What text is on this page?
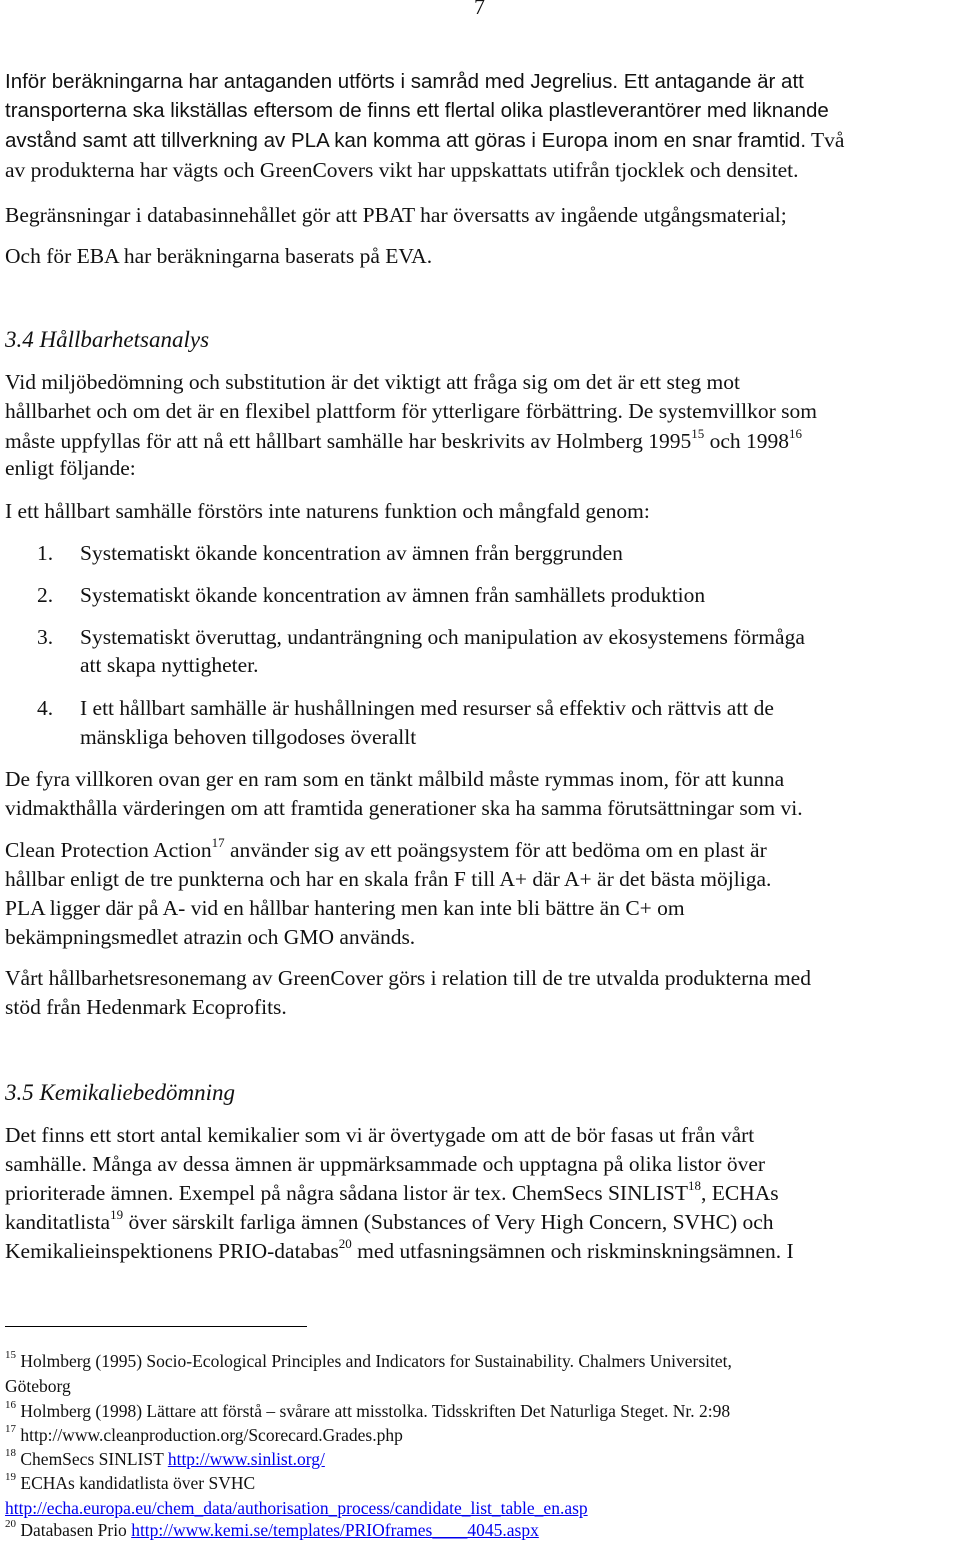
7
Inför beräkningarna har antaganden utförts i samråd med Jegrelius. Ett antagande är att
transporterna ska likställas eftersom de finns ett flertal olika plastleverantörer med liknande
avstånd samt att tillverkning av PLA kan komma att göras i Europa inom en snar framtid. Två
av produkterna har vägts och GreenCovers vikt har uppskattats utifrån tjocklek och densitet.
Begränsningar i databasinnehållet gör att PBAT har översatts av ingående utgångsmaterial;
Och för EBA har beräkningarna baserats på EVA.
3.4 Hållbarhetsanalys
Vid miljöbedömning och substitution är det viktigt att fråga sig om det är ett steg mot
hållbarhet och om det är en flexibel plattform för ytterligare förbättring. De systemvillkor som
måste uppfyllas för att nå ett hållbart samhälle har beskrivits av Holmberg 1995$^{15}$ och 1998$^{16}$
enligt följande:
I ett hållbart samhälle förstörs inte naturens funktion och mångfald genom:
1. Systematiskt ökande koncentration av ämnen från berggrunden
2. Systematiskt ökande koncentration av ämnen från samhällets produktion
3. Systematiskt överuttag, undanträngning och manipulation av ekosystemens förmåga
att skapa nyttigheter.
4. I ett hållbart samhälle är hushållningen med resurser så effektiv och rättvis att de
mänskliga behoven tillgodoses överallt
De fyra villkoren ovan ger en ram som en tänkt målbild måste rymmas inom, för att kunna
vidmakthålla värderingen om att framtida generationer ska ha samma förutsättningar som vi.
Clean Protection Action$^{17}$ använder sig av ett poängsystem för att bedöma om en plast är
hållbar enligt de tre punkterna och har en skala från F till A+ där A+ är det bästa möjliga.
PLA ligger där på A- vid en hållbar hantering men kan inte bli bättre än C+ om
bekämpningsmedlet atrazin och GMO används.
Vårt hållbarhetsresonemang av GreenCover görs i relation till de tre utvalda produkterna med
stöd från Hedenmark Ecoprofits.
3.5 Kemikaliebedömning
Det finns ett stort antal kemikalier som vi är övertygade om att de bör fasas ut från vårt
samhälle. Många av dessa ämnen är uppmärksammade och upptagna på olika listor över
prioriterade ämnen. Exempel på några sådana listor är tex. ChemSecs SINLIST$^{18}$, ECHAs
kanditatlista$^{19}$ över särskilt farliga ämnen (Substances of Very High Concern, SVHC) och
Kemikalieinspektionens PRIO-databas$^{20}$ med utfasningsämnen och riskminskningsämnen. I
$^{15}$ Holmberg (1995) Socio-Ecological Principles and Indicators for Sustainability. Chalmers Universitet,
Göteborg
$^{16}$ Holmberg (1998) Lättare att förstå – svårare att misstolka. Tidsskriften Det Naturliga Steget. Nr. 2:98
$^{17}$ http://www.cleanproduction.org/Scorecard.Grades.php
$^{18}$ ChemSecs SINLIST http://www.sinlist.org/
$^{19}$ ECHAs kandidatlista över SVHC
http://echa.europa.eu/chem_data/authorisation_process/candidate_list_table_en.asp
$^{20}$ Databasen Prio http://www.kemi.se/templates/PRIOframes____4045.aspx
